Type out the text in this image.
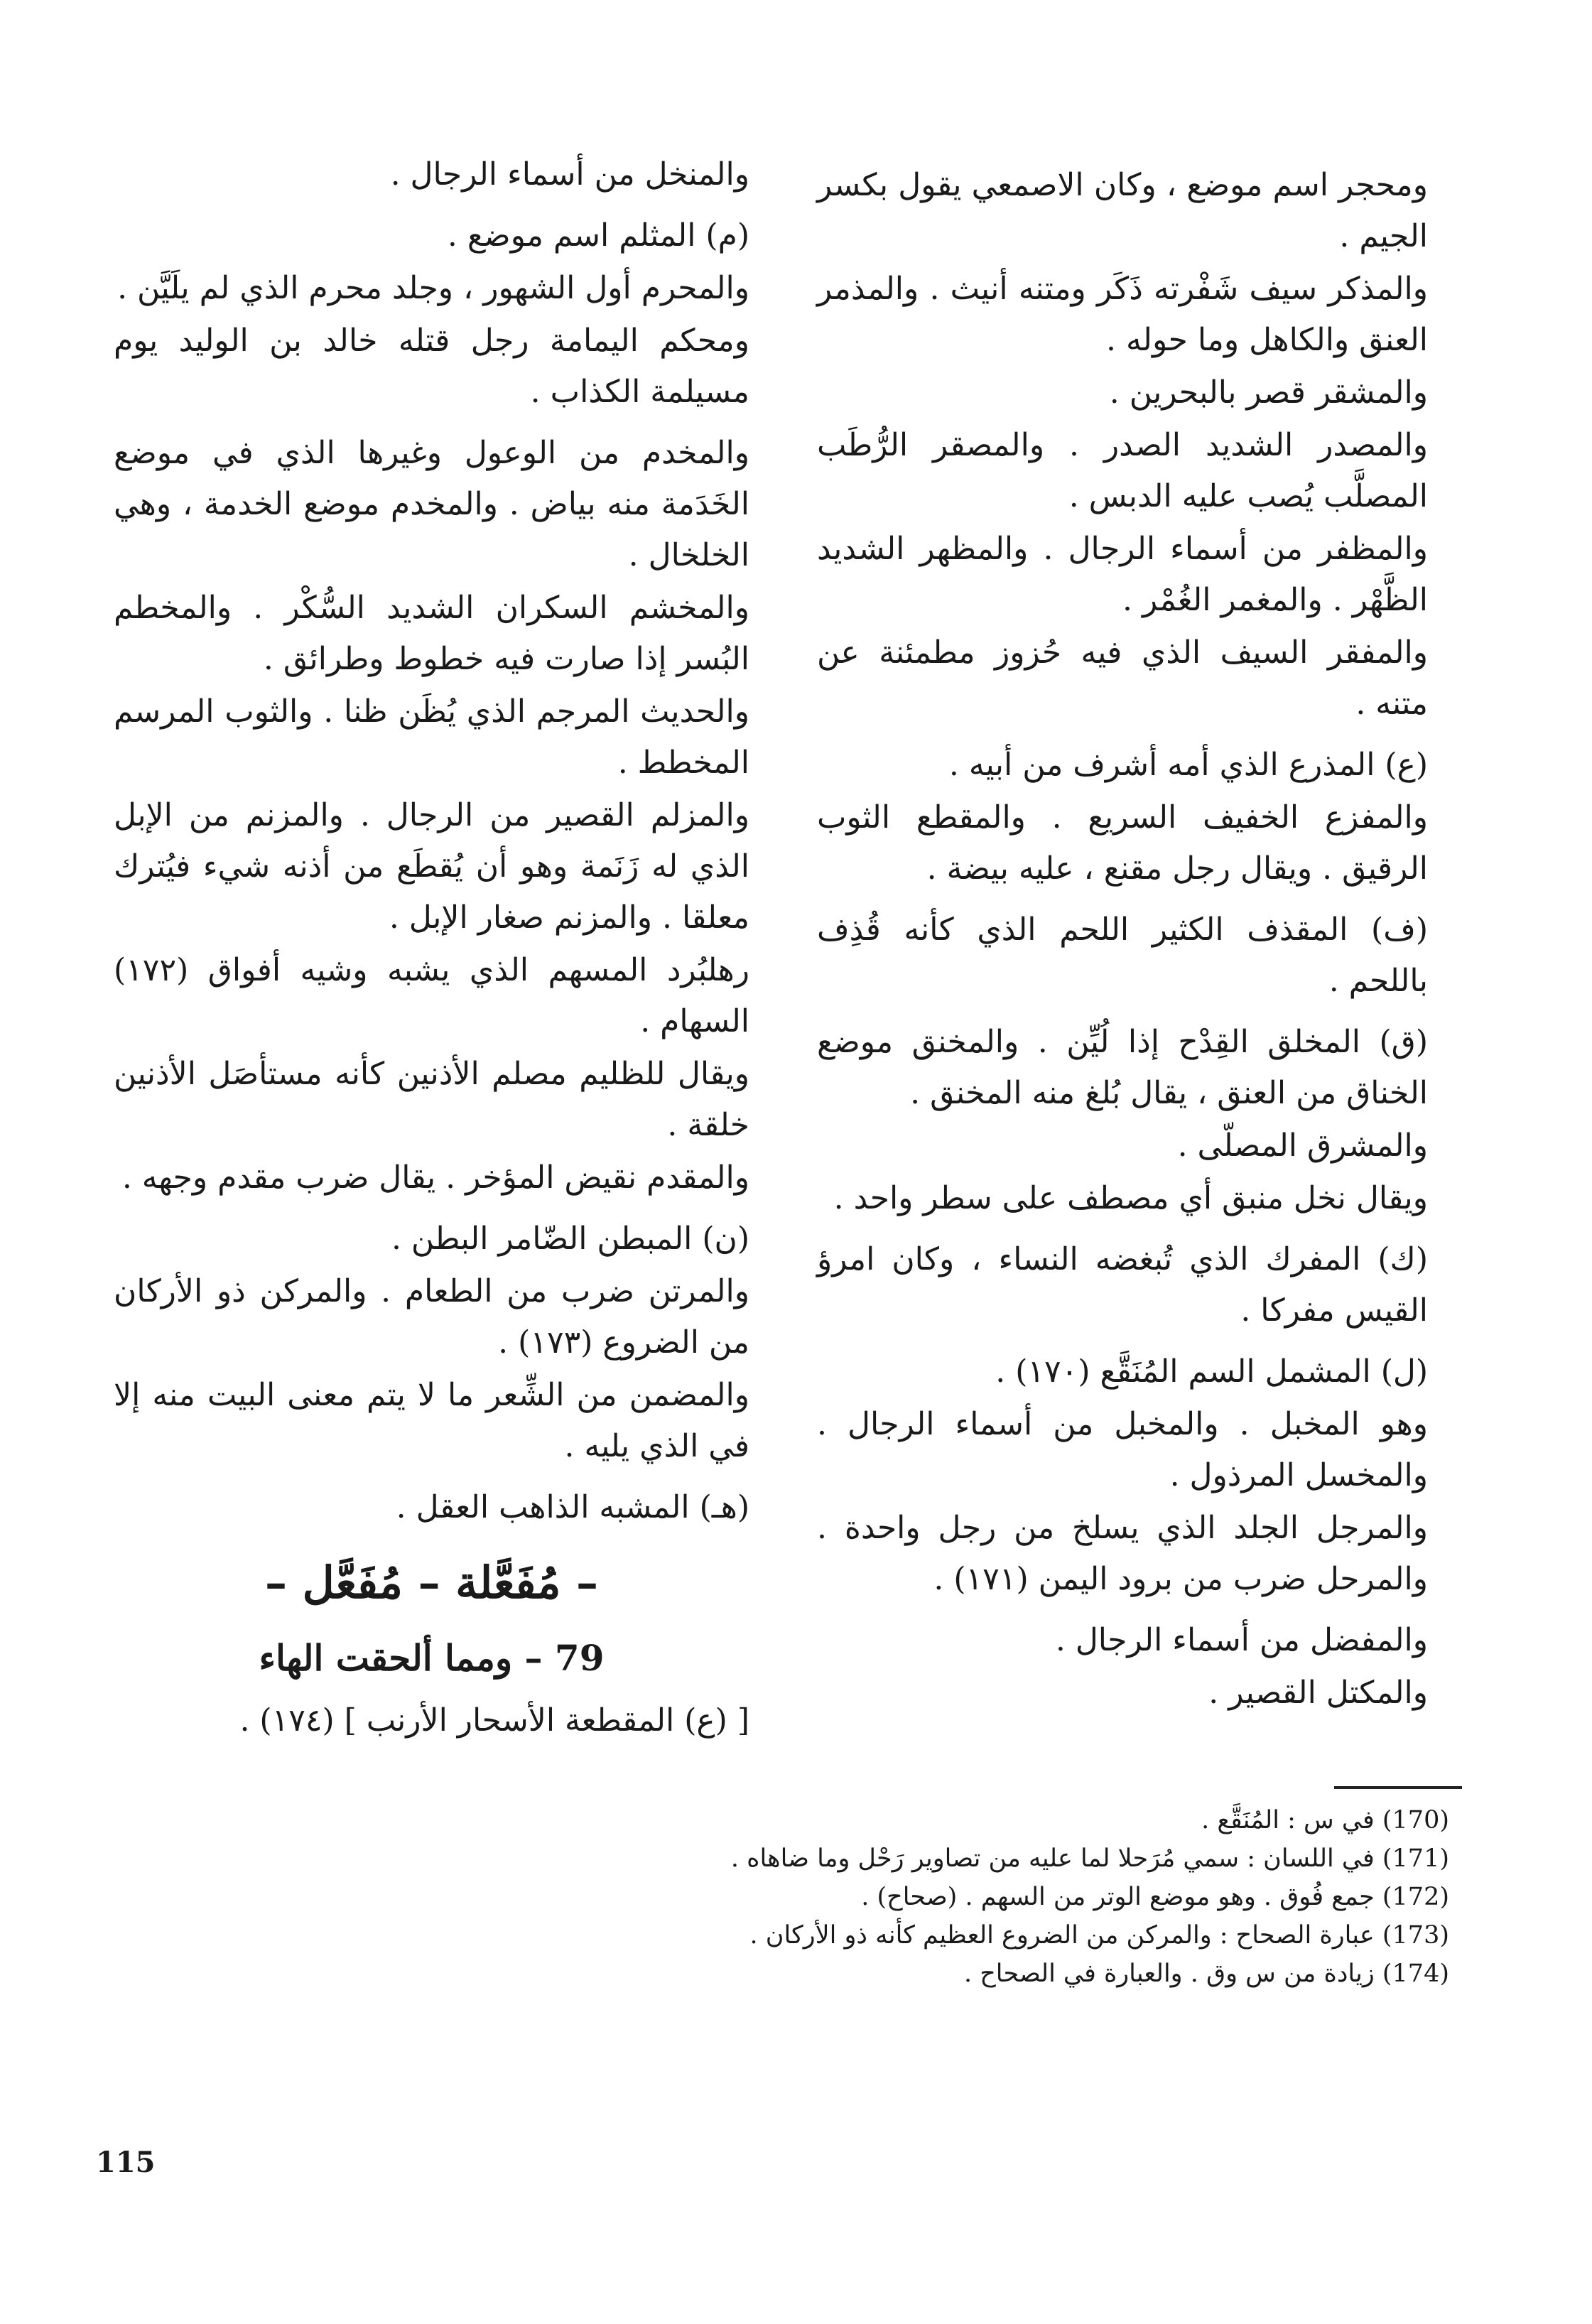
ومحجر اسم موضع ، وكان الاصمعي يقول بكسر الجيم .

والمذكر سيف شَفْرته ذَكَر ومتنه أنيث . والمذمر العنق والكاهل وما حوله .

والمشقر قصر بالبحرين .

والمصدر الشديد الصدر . والمصقر الرُّطَب المصلَّب يُصب عليه الدبس .

والمظفر من أسماء الرجال . والمظهر الشديد الظَّهْر . والمغمر الغُمْر .

والمفقر السيف الذي فيه حُزوز مطمئنة عن متنه .

(ع) المذرع الذي أمه أشرف من أبيه .

والمفزع الخفيف السريع . والمقطع الثوب الرقيق . ويقال رجل مقنع ، عليه بيضة .

(ف) المقذف الكثير اللحم الذي كأنه قُذِف باللحم .

(ق) المخلق القِدْح إذا لُيِّن . والمخنق موضع الخناق من العنق ، يقال بُلغ منه المخنق .

والمشرق المصلّى .

ويقال نخل منبق أي مصطف على سطر واحد .

(ك) المفرك الذي تُبغضه النساء ، وكان امرؤ القيس مفركا .

(ل) المشمل السم المُنَقَّع (١٧٠) .

وهو المخبل . والمخبل من أسماء الرجال . والمخسل المرذول .

والمرجل الجلد الذي يسلخ من رجل واحدة . والمرحل ضرب من برود اليمن (١٧١) .

والمفضل من أسماء الرجال .

والمكتل القصير .

والمنخل من أسماء الرجال .

(م) المثلم اسم موضع .

والمحرم أول الشهور ، وجلد محرم الذي لم يلَيَّن .

ومحكم اليمامة رجل قتله خالد بن الوليد يوم مسيلمة الكذاب .

والمخدم من الوعول وغيرها الذي في موضع الخَدَمة منه بياض . والمخدم موضع الخدمة ، وهي الخلخال .

والمخشم السكران الشديد السُّكْر . والمخطم البُسر إذا صارت فيه خطوط وطرائق .

والحديث المرجم الذي يُظَن ظنا . والثوب المرسم المخطط .

والمزلم القصير من الرجال . والمزنم من الإبل الذي له زَنَمة وهو أن يُقطَع من أذنه شيء فيُترك معلقا . والمزنم صغار الإبل .

رهلبُرد المسهم الذي يشبه وشيه أفواق (١٧٢) السهام .

ويقال للظليم مصلم الأذنين كأنه مستأصَل الأذنين خلقة .

والمقدم نقيض المؤخر . يقال ضرب مقدم وجهه .

(ن) المبطن الضّامر البطن .

والمرتن ضرب من الطعام . والمركن ذو الأركان من الضروع (١٧٣) .

والمضمن من الشِّعر ما لا يتم معنى البيت منه إلا في الذي يليه .

(هـ) المشبه الذاهب العقل .

– مُفَعَّلة – مُفَعَّل –
79 – ومما ألحقت الهاء

[ (ع) المقطعة الأسحار الأرنب ] (١٧٤) .

(170) في س : المُنَقَّع .
(171) في اللسان : سمي مُرَحلا لما عليه من تصاوير رَحْل وما ضاهاه .
(172) جمع فُوق . وهو موضع الوتر من السهم . (صحاح) .
(173) عبارة الصحاح : والمركن من الضروع العظيم كأنه ذو الأركان .
(174) زيادة من س وق . والعبارة في الصحاح .
115
